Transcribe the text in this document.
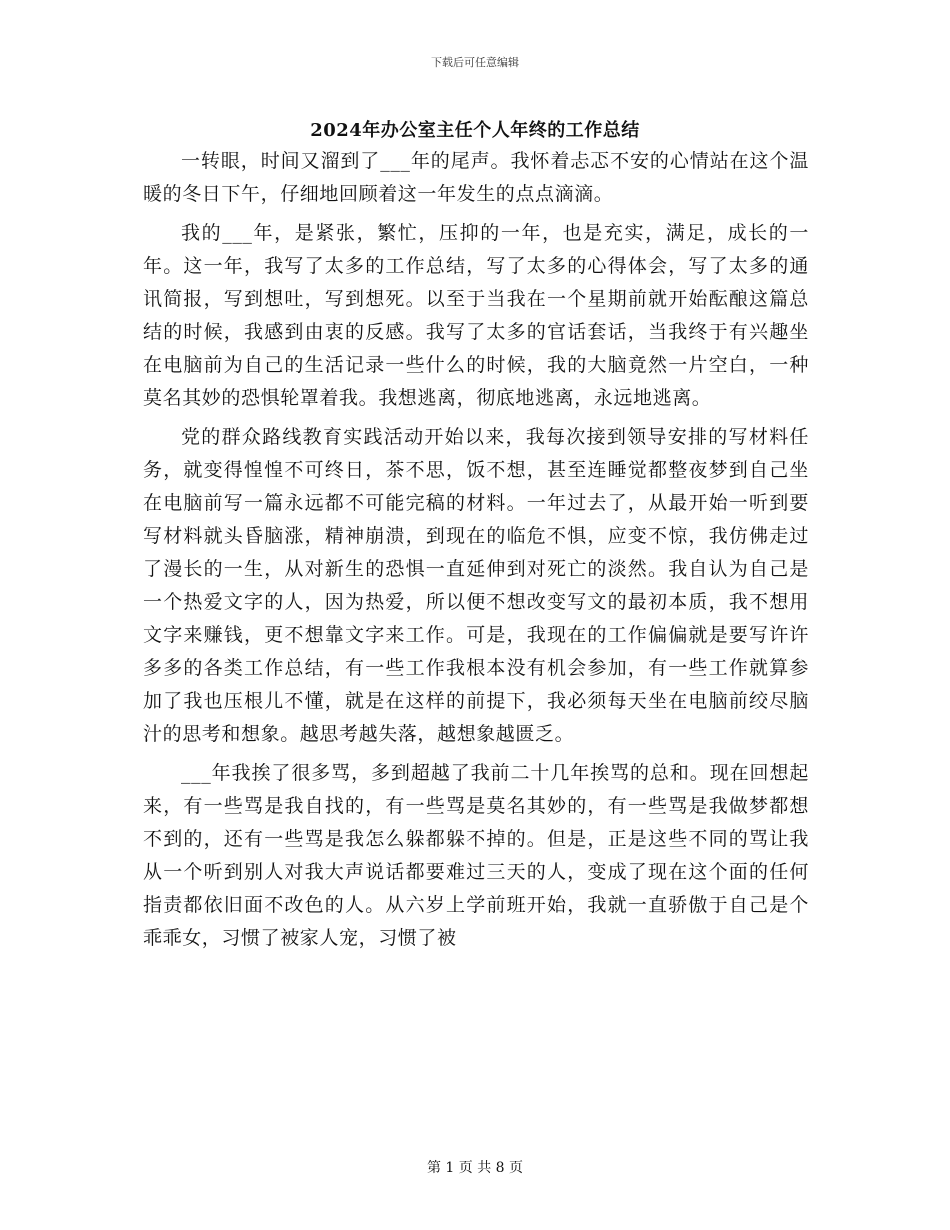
下载后可任意编辑
2024年办公室主任个人年终的工作总结

一转眼，时间又溜到了___年的尾声。我怀着忐忑不安的心情站在这个温暖的冬日下午，仔细地回顾着这一年发生的点点滴滴。

我的___年，是紧张，繁忙，压抑的一年，也是充实，满足，成长的一年。这一年，我写了太多的工作总结，写了太多的心得体会，写了太多的通讯简报，写到想吐，写到想死。以至于当我在一个星期前就开始酝酿这篇总结的时候，我感到由衷的反感。我写了太多的官话套话，当我终于有兴趣坐在电脑前为自己的生活记录一些什么的时候，我的大脑竟然一片空白，一种莫名其妙的恐惧轮罩着我。我想逃离，彻底地逃离，永远地逃离。

党的群众路线教育实践活动开始以来，我每次接到领导安排的写材料任务，就变得惶惶不可终日，茶不思，饭不想，甚至连睡觉都整夜梦到自己坐在电脑前写一篇永远都不可能完稿的材料。一年过去了，从最开始一听到要写材料就头昏脑涨，精神崩溃，到现在的临危不惧，应变不惊，我仿佛走过了漫长的一生，从对新生的恐惧一直延伸到对死亡的淡然。我自认为自己是一个热爱文字的人，因为热爱，所以便不想改变写文的最初本质，我不想用文字来赚钱，更不想靠文字来工作。可是，我现在的工作偏偏就是要写许许多多的各类工作总结，有一些工作我根本没有机会参加，有一些工作就算参加了我也压根儿不懂，就是在这样的前提下，我必须每天坐在电脑前绞尽脑汁的思考和想象。越思考越失落，越想象越匮乏。

___年我挨了很多骂，多到超越了我前二十几年挨骂的总和。现在回想起来，有一些骂是我自找的，有一些骂是莫名其妙的，有一些骂是我做梦都想不到的，还有一些骂是我怎么躲都躲不掉的。但是，正是这些不同的骂让我从一个听到别人对我大声说话都要难过三天的人，变成了现在这个面的任何指责都依旧面不改色的人。从六岁上学前班开始，我就一直骄傲于自己是个乖乖女，习惯了被家人宠，习惯了被

第 1 页 共 8 页
